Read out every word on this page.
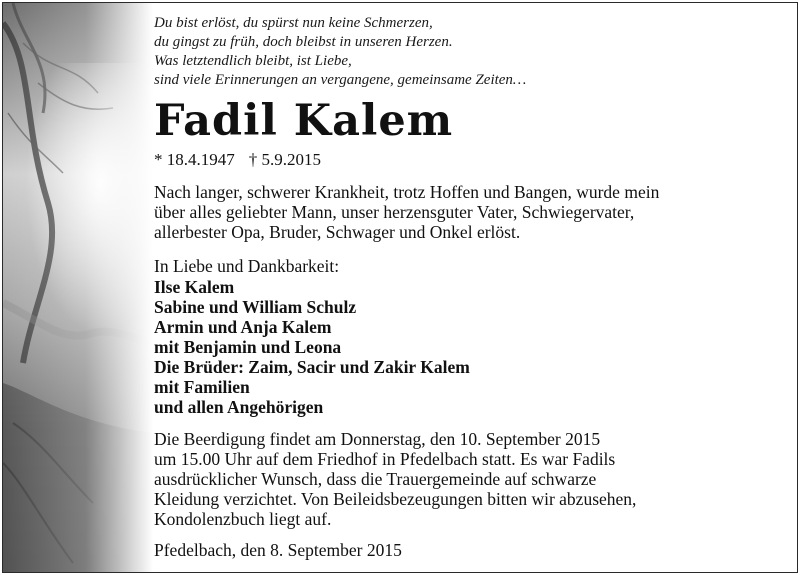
Du bist erlöst, du spürst nun keine Schmerzen,
du gingst zu früh, doch bleibst in unseren Herzen.
Was letztendlich bleibt, ist Liebe,
sind viele Erinnerungen an vergangene, gemeinsame Zeiten…
Fadil Kalem
* 18.4.1947 † 5.9.2015
Nach langer, schwerer Krankheit, trotz Hoffen und Bangen, wurde mein
über alles geliebter Mann, unser herzensguter Vater, Schwiegervater,
allerbester Opa, Bruder, Schwager und Onkel erlöst.
In Liebe und Dankbarkeit:
Ilse Kalem
Sabine und William Schulz
Armin und Anja Kalem
mit Benjamin und Leona
Die Brüder: Zaim, Sacir und Zakir Kalem
mit Familien
und allen Angehörigen
Die Beerdigung findet am Donnerstag, den 10. September 2015
um 15.00 Uhr auf dem Friedhof in Pfedelbach statt. Es war Fadils
ausdrücklicher Wunsch, dass die Trauergemeinde auf schwarze
Kleidung verzichtet. Von Beileidsbezeugungen bitten wir abzusehen,
Kondolenzbuch liegt auf.
Pfedelbach, den 8. September 2015
